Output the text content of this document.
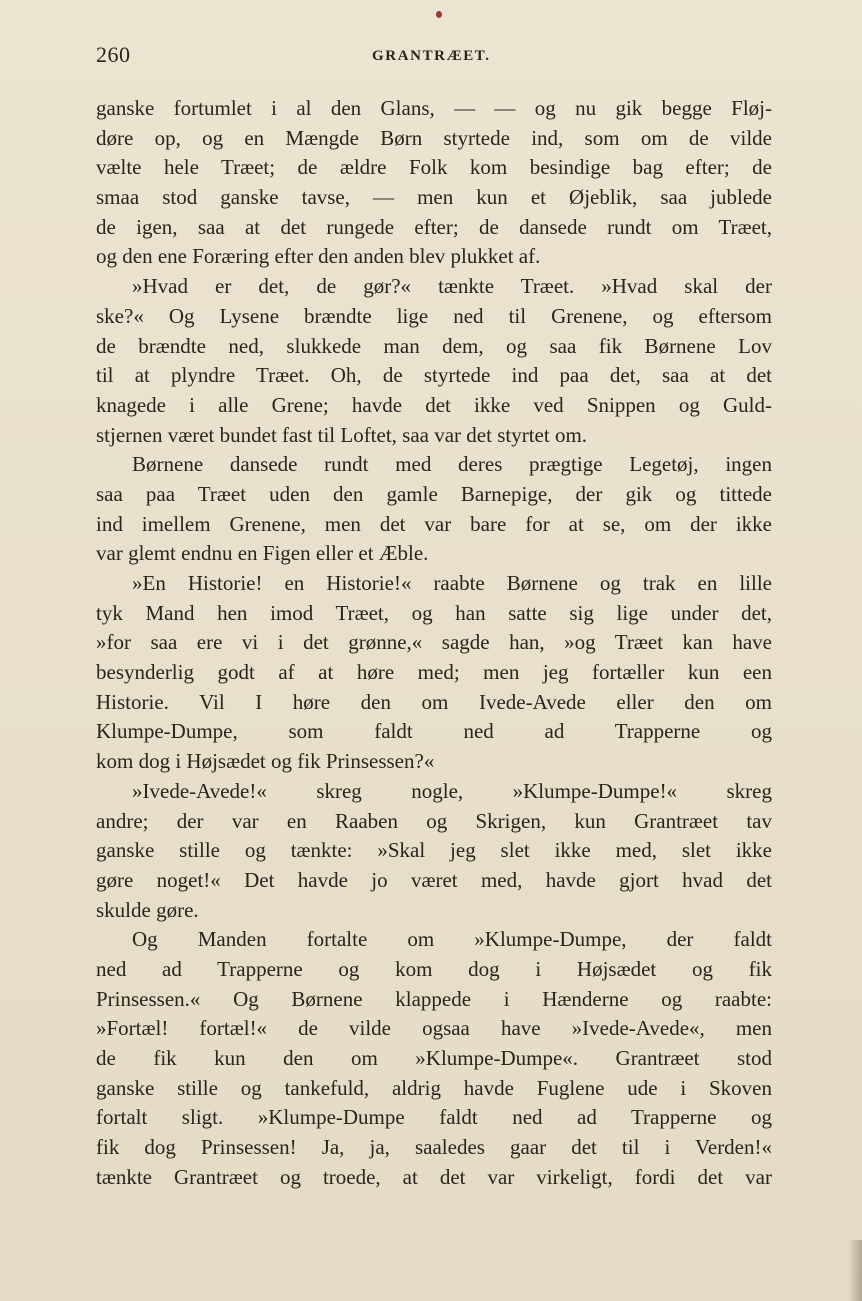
260	GRANTRÆET.
ganske fortumlet i al den Glans, — — og nu gik begge Fløj-
døre op, og en Mængde Børn styrtede ind, som om de vilde
vælte hele Træet; de ældre Folk kom besindige bag efter; de
smaa stod ganske tavse, — men kun et Øjeblik, saa jublede
de igen, saa at det rungede efter; de dansede rundt om Træet,
og den ene Foræring efter den anden blev plukket af.
»Hvad er det, de gør?« tænkte Træet. »Hvad skal der
ske?« Og Lysene brændte lige ned til Grenene, og eftersom
de brændte ned, slukkede man dem, og saa fik Børnene Lov
til at plyndre Træet. Oh, de styrtede ind paa det, saa at det
knagede i alle Grene; havde det ikke ved Snippen og Guld-
stjernen været bundet fast til Loftet, saa var det styrtet om.
Børnene dansede rundt med deres prægtige Legetøj, ingen
saa paa Træet uden den gamle Barnepige, der gik og tittede
ind imellem Grenene, men det var bare for at se, om der ikke
var glemt endnu en Figen eller et Æble.
»En Historie! en Historie!« raabte Børnene og trak en lille
tyk Mand hen imod Træet, og han satte sig lige under det,
»for saa ere vi i det grønne,« sagde han, »og Træet kan have
besynderlig godt af at høre med; men jeg fortæller kun een
Historie. Vil I høre den om Ivede-Avede eller den om
Klumpe-Dumpe, som faldt ned ad Trapperne og
kom dog i Højsædet og fik Prinsessen?«
»Ivede-Avede!« skreg nogle, »Klumpe-Dumpe!« skreg
andre; der var en Raaben og Skrigen, kun Grantræet tav
ganske stille og tænkte: »Skal jeg slet ikke med, slet ikke
gøre noget!« Det havde jo været med, havde gjort hvad det
skulde gøre.
Og Manden fortalte om »Klumpe-Dumpe, der faldt
ned ad Trapperne og kom dog i Højsædet og fik
Prinsessen.« Og Børnene klappede i Hænderne og raabte:
»Fortæl! fortæl!« de vilde ogsaa have »Ivede-Avede«, men
de fik kun den om »Klumpe-Dumpe«. Grantræet stod
ganske stille og tankefuld, aldrig havde Fuglene ude i Skoven
fortalt sligt. »Klumpe-Dumpe faldt ned ad Trapperne og
fik dog Prinsessen! Ja, ja, saaledes gaar det til i Verden!«
tænkte Grantræet og troede, at det var virkeligt, fordi det var
